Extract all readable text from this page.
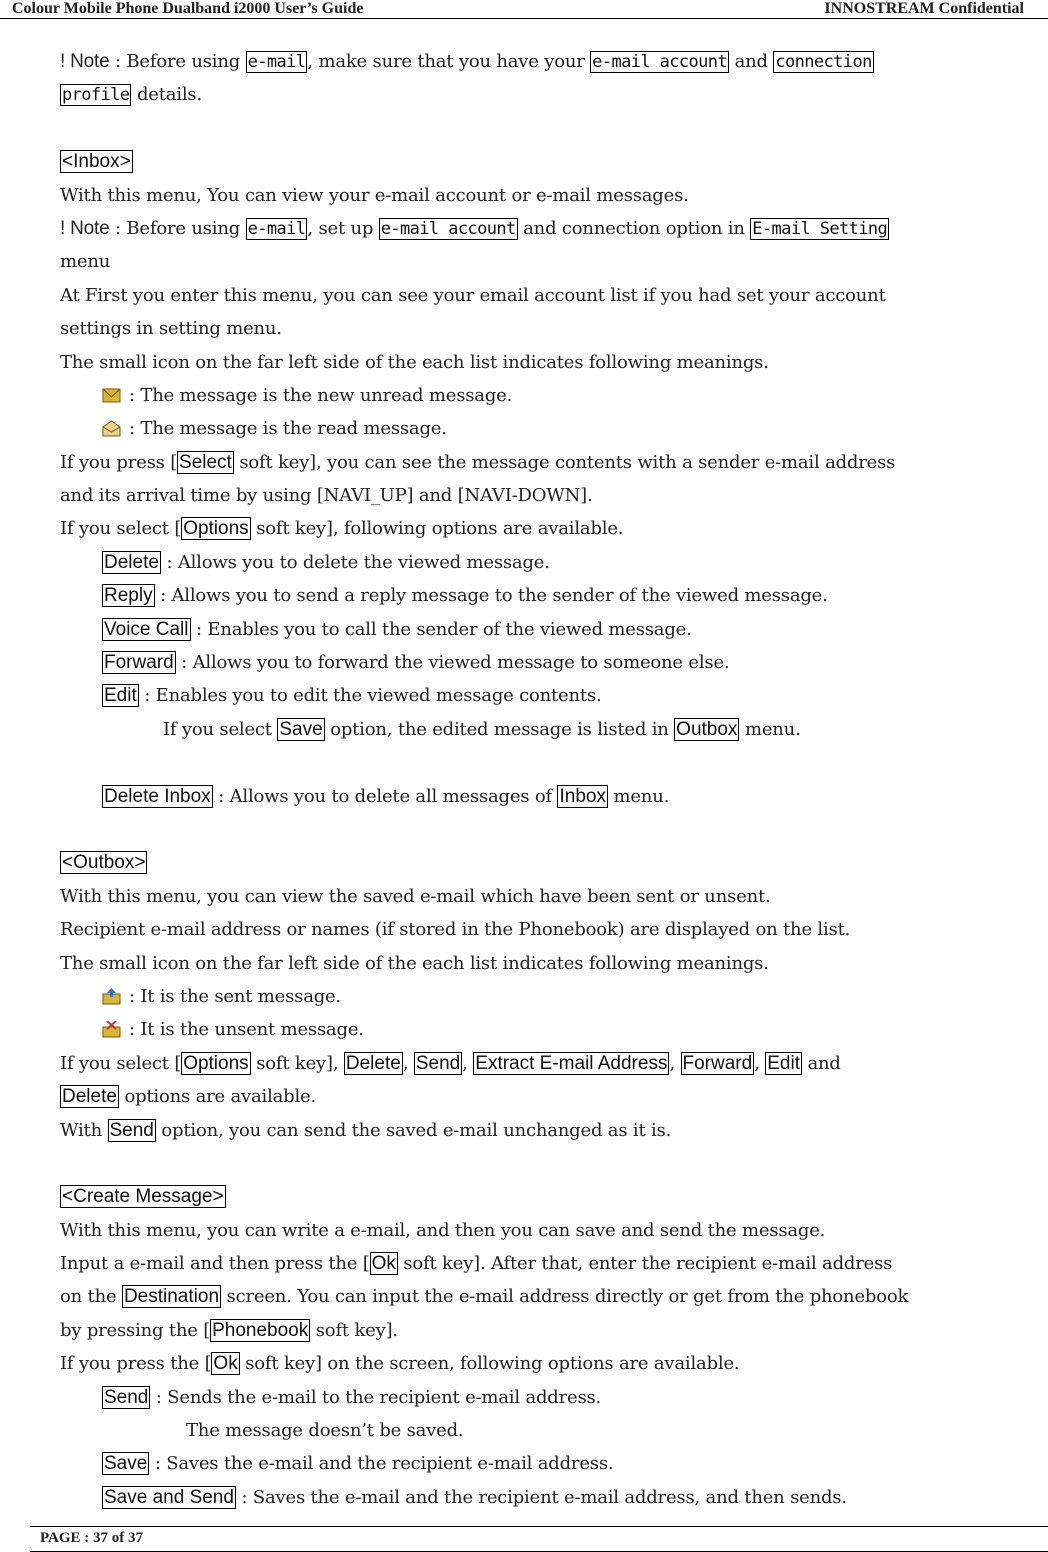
Colour Mobile Phone Dualband i2000 User’s Guide	INNOSTREAM Confidential
! Note : Before using e-mail , make sure that you have your e-mail account and connection
profile details.
<Inbox>
With this menu, You can view your e-mail account or e-mail messages.
! Note : Before using e-mail , set up e-mail account and connection option in E-mail Setting
menu
At First you enter this menu, you can see your email account list if you had set your account
settings in setting menu.
The small icon on the far left side of the each list indicates following meanings.
: The message is the new unread message.
: The message is the read message.
If you press [ Select soft key], you can see the message contents with a sender e-mail address
and its arrival time by using [NAVI_UP] and [NAVI-DOWN].
If you select [ Options soft key], following options are available.
Delete : Allows you to delete the viewed message.
Reply : Allows you to send a reply message to the sender of the viewed message.
Voice Call : Enables you to call the sender of the viewed message.
Forward : Allows you to forward the viewed message to someone else.
Edit : Enables you to edit the viewed message contents.
If you select Save option, the edited message is listed in Outbox menu.
Delete Inbox : Allows you to delete all messages of Inbox menu.
<Outbox>
With this menu, you can view the saved e-mail which have been sent or unsent.
Recipient e-mail address or names (if stored in the Phonebook) are displayed on the list.
The small icon on the far left side of the each list indicates following meanings.
: It is the sent message.
: It is the unsent message.
If you select [ Options soft key], Delete , Send , Extract E-mail Address , Forward , Edit and
Delete options are available.
With Send option, you can send the saved e-mail unchanged as it is.
<Create Message>
With this menu, you can write a e-mail, and then you can save and send the message.
Input a e-mail and then press the [ Ok soft key]. After that, enter the recipient e-mail address
on the Destination screen. You can input the e-mail address directly or get from the phonebook
by pressing the [ Phonebook soft key].
If you press the [ Ok soft key] on the screen, following options are available.
Send : Sends the e-mail to the recipient e-mail address.
The message doesn’t be saved.
Save : Saves the e-mail and the recipient e-mail address.
Save and Send : Saves the e-mail and the recipient e-mail address, and then sends.
PAGE : 37 of 37
